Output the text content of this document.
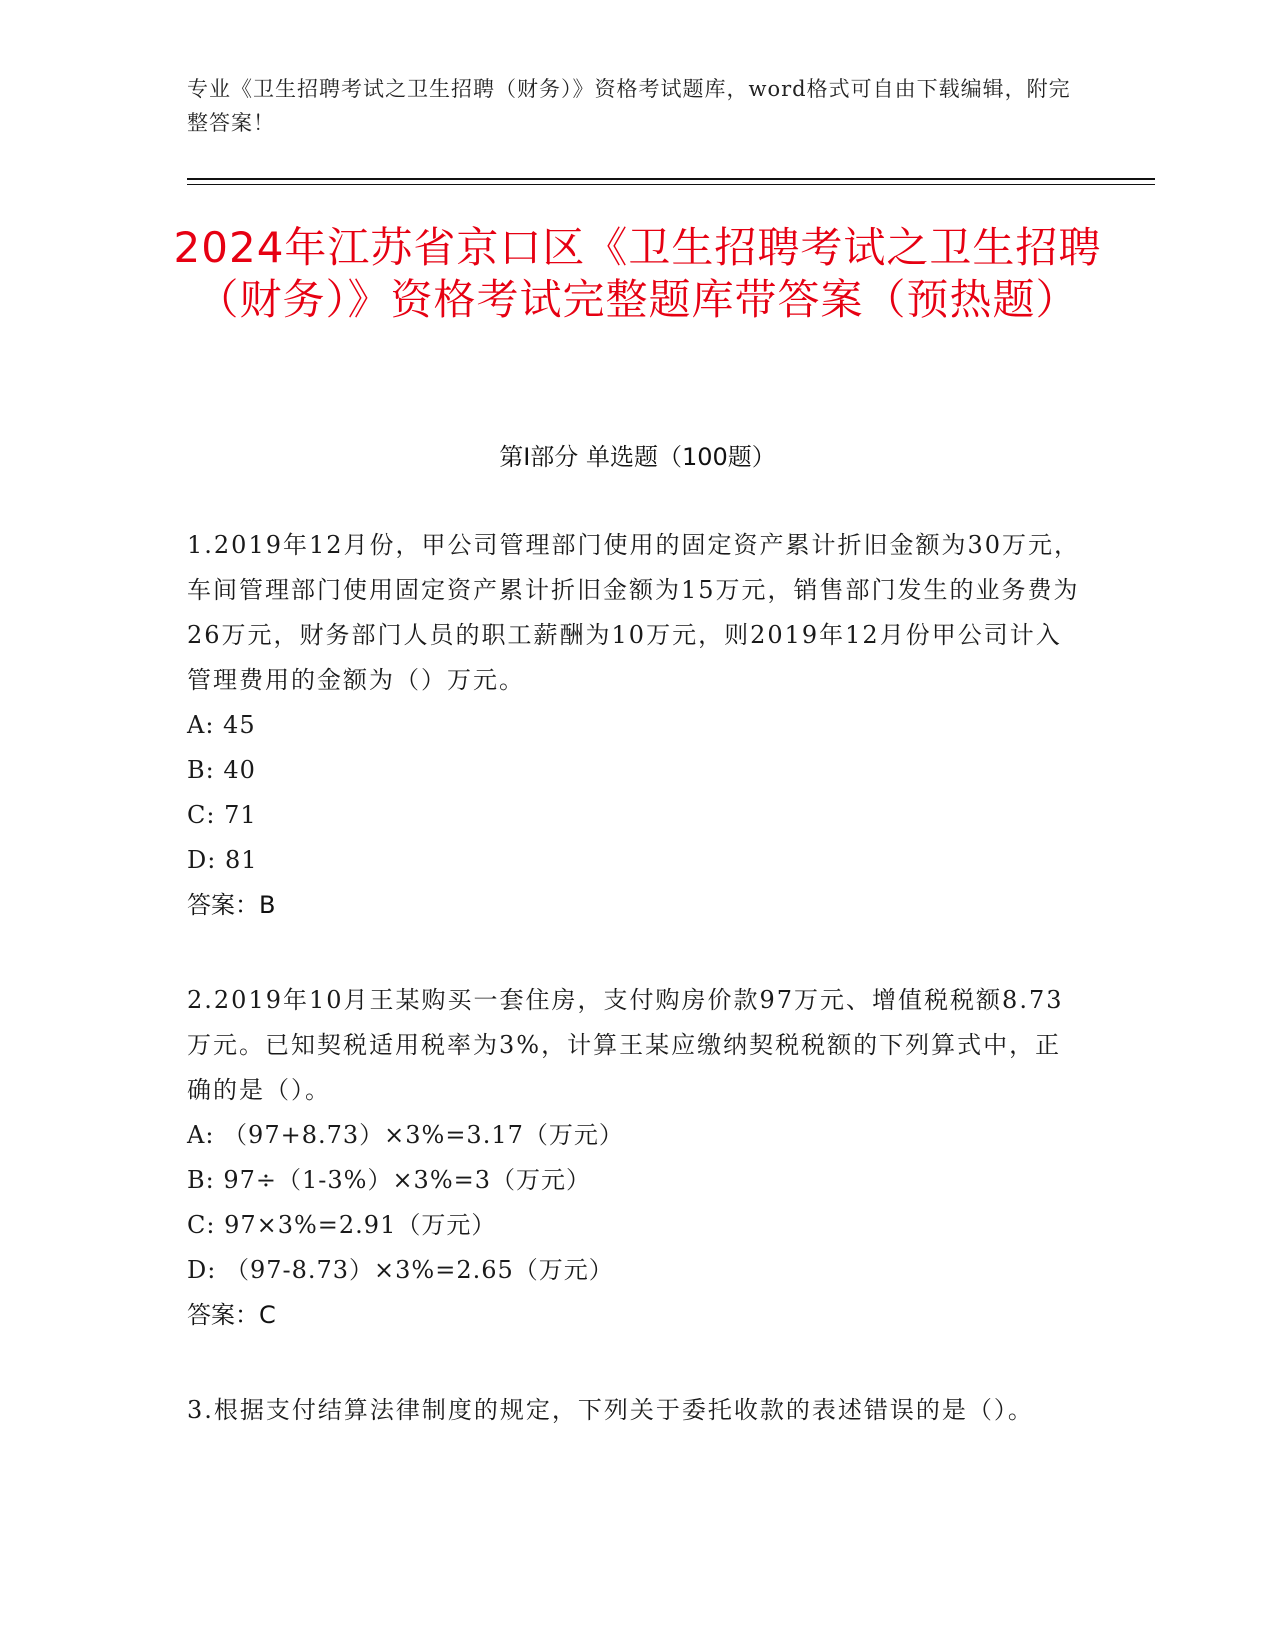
专业《卫生招聘考试之卫生招聘（财务）》资格考试题库，word格式可自由下载编辑，附完整答案！
2024年江苏省京口区《卫生招聘考试之卫生招聘（财务）》资格考试完整题库带答案（预热题）
第Ⅰ部分 单选题（100题）
1.2019年12月份，甲公司管理部门使用的固定资产累计折旧金额为30万元，车间管理部门使用固定资产累计折旧金额为15万元，销售部门发生的业务费为26万元，财务部门人员的职工薪酬为10万元，则2019年12月份甲公司计入管理费用的金额为（）万元。
A: 45
B: 40
C: 71
D: 81
答案：B
2.2019年10月王某购买一套住房，支付购房价款97万元、增值税税额8.73万元。已知契税适用税率为3%，计算王某应缴纳契税税额的下列算式中，正确的是（）。
A: （97+8.73）×3%=3.17（万元）
B: 97÷（1-3%）×3%=3（万元）
C: 97×3%=2.91（万元）
D: （97-8.73）×3%=2.65（万元）
答案：C
3.根据支付结算法律制度的规定，下列关于委托收款的表述错误的是（）。
